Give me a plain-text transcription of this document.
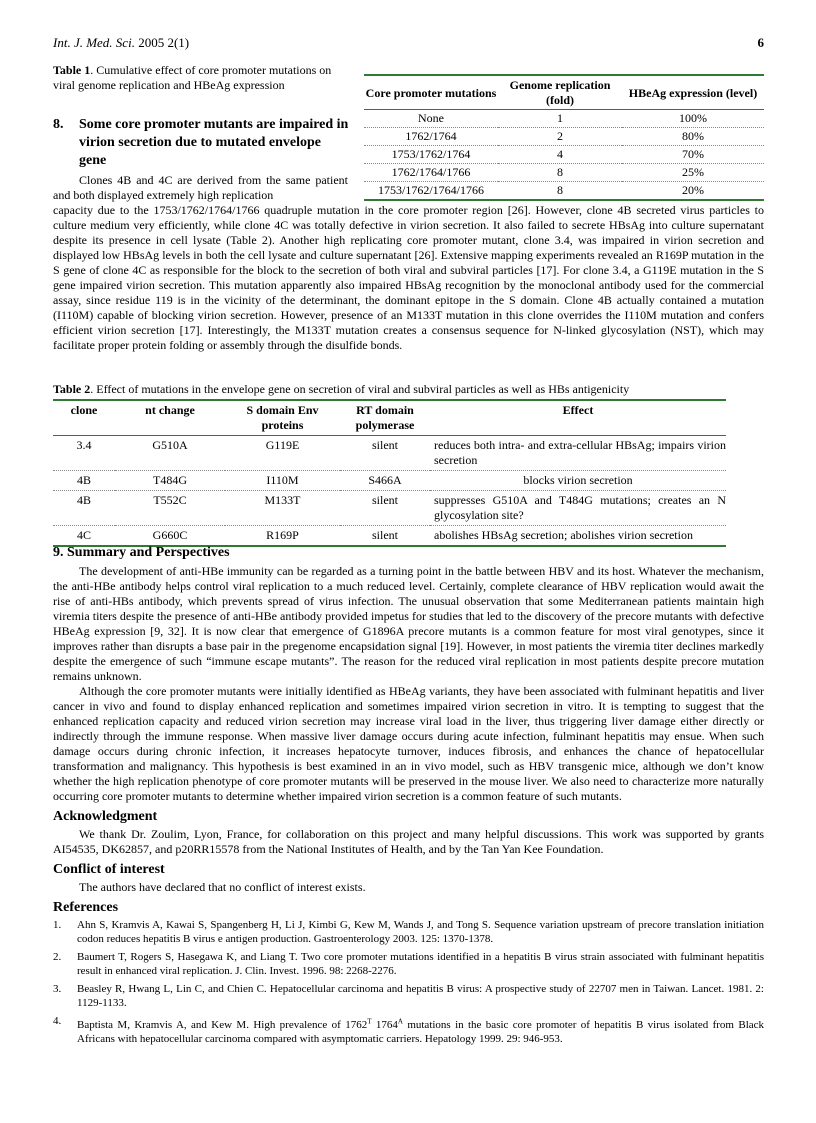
Int. J. Med. Sci. 2005 2(1)	6
Table 1. Cumulative effect of core promoter mutations on viral genome replication and HBeAg expression
Core promoter mutations	Genome replication (fold)	HBeAg expression (level)
None	1	100%
1762/1764	2	80%
1753/1762/1764	4	70%
1762/1764/1766	8	25%
1753/1762/1764/1766	8	20%
8. Some core promoter mutants are impaired in virion secretion due to mutated envelope gene
Clones 4B and 4C are derived from the same patient and both displayed extremely high replication
capacity due to the 1753/1762/1764/1766 quadruple mutation in the core promoter region [26]. However, clone 4B secreted virus particles to culture medium very efficiently, while clone 4C was totally defective in virion secretion. It also failed to secrete HBsAg into culture supernatant despite its presence in cell lysate (Table 2). Another high replicating core promoter mutant, clone 3.4, was impaired in virion secretion and displayed low HBsAg levels in both the cell lysate and culture supernatant [26]. Extensive mapping experiments revealed an R169P mutation in the S gene of clone 4C as responsible for the block to the secretion of both viral and subviral particles [17]. For clone 3.4, a G119E mutation in the S gene impaired virion secretion. This mutation apparently also impaired HBsAg recognition by the monoclonal antibody used for the commercial assay, since residue 119 is in the vicinity of the determinant, the dominant epitope in the S domain. Clone 4B actually contained a mutation (I110M) capable of blocking virion secretion. However, presence of an M133T mutation in this clone overrides the I110M mutation and confers efficient virion secretion [17]. Interestingly, the M133T mutation creates a consensus sequence for N-linked glycosylation (NST), which may facilitate proper protein folding or assembly through the disulfide bonds.
Table 2. Effect of mutations in the envelope gene on secretion of viral and subviral particles as well as HBs antigenicity
clone	nt change	S domain Env proteins	RT domain polymerase	Effect
3.4	G510A	G119E	silent	reduces both intra- and extra-cellular HBsAg; impairs virion secretion
4B	T484G	I110M	S466A	blocks virion secretion
4B	T552C	M133T	silent	suppresses G510A and T484G mutations; creates an N glycosylation site?
4C	G660C	R169P	silent	abolishes HBsAg secretion; abolishes virion secretion
9. Summary and Perspectives
The development of anti-HBe immunity can be regarded as a turning point in the battle between HBV and its host. Whatever the mechanism, the anti-HBe antibody helps control viral replication to a much reduced level. Certainly, complete clearance of HBV replication would await the rise of anti-HBs antibody, which prevents spread of virus infection. The unusual observation that some Mediterranean patients maintain high viremia titers despite the presence of anti-HBe antibody provided impetus for studies that led to the discovery of the precore mutants with defective HBeAg expression [9, 32]. It is now clear that emergence of G1896A precore mutants is a common feature for most viral genotypes, since it improves rather than disrupts a base pair in the pregenome encapsidation signal [19]. However, in most patients the viremia titer declines markedly despite the emergence of such “immune escape mutants”. The reason for the reduced viral replication in most patients despite precore mutation remains unknown.
Although the core promoter mutants were initially identified as HBeAg variants, they have been associated with fulminant hepatitis and liver cancer in vivo and found to display enhanced replication and sometimes impaired virion secretion in vitro. It is tempting to suggest that the enhanced replication capacity and reduced virion secretion may increase viral load in the liver, thus triggering liver damage either directly or indirectly through the immune response. When massive liver damage occurs during acute infection, fulminant hepatitis may ensue. When such damage occurs during chronic infection, it increases hepatocyte turnover, induces fibrosis, and enhances the chance of hepatocellular transformation and malignancy. This hypothesis is best examined in an in vivo model, such as HBV transgenic mice, although we don’t know whether the high replication phenotype of core promoter mutants will be preserved in the mouse liver. We also need to characterize more naturally occurring core promoter mutants to determine whether impaired virion secretion is a common feature of such mutants.
Acknowledgment
We thank Dr. Zoulim, Lyon, France, for collaboration on this project and many helpful discussions. This work was supported by grants AI54535, DK62857, and p20RR15578 from the National Institutes of Health, and by the Tan Yan Kee Foundation.
Conflict of interest
The authors have declared that no conflict of interest exists.
References
1. Ahn S, Kramvis A, Kawai S, Spangenberg H, Li J, Kimbi G, Kew M, Wands J, and Tong S. Sequence variation upstream of precore translation initiation codon reduces hepatitis B virus e antigen production. Gastroenterology 2003. 125: 1370-1378.
2. Baumert T, Rogers S, Hasegawa K, and Liang T. Two core promoter mutations identified in a hepatitis B virus strain associated with fulminant hepatitis result in enhanced viral replication. J. Clin. Invest. 1996. 98: 2268-2276.
3. Beasley R, Hwang L, Lin C, and Chien C. Hepatocellular carcinoma and hepatitis B virus: A prospective study of 22707 men in Taiwan. Lancet. 1981. 2: 1129-1133.
4. Baptista M, Kramvis A, and Kew M. High prevalence of $1762^T$ $1764^A$ mutations in the basic core promoter of hepatitis B virus isolated from Black Africans with hepatocellular carcinoma compared with asymptomatic carriers. Hepatology 1999. 29: 946-953.
